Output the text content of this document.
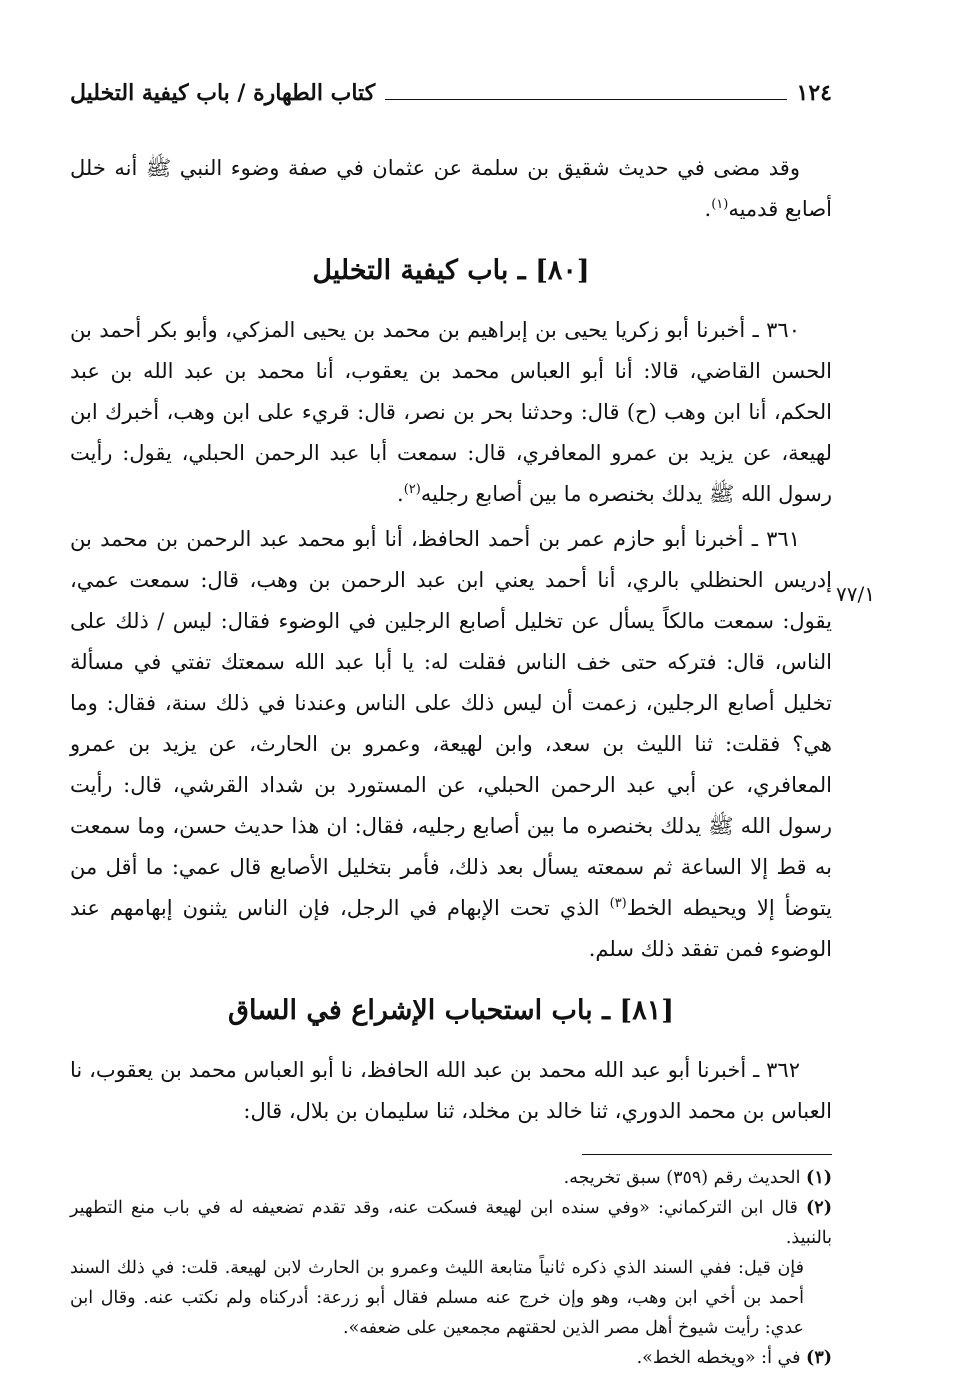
١٢٤
كتاب الطهارة / باب كيفية التخليل

وقد مضى في حديث شقيق بن سلمة عن عثمان في صفة وضوء النبي ﷺ أنه خلل أصابع قدميه$^{(١)}$.

[٨٠] ـ باب كيفية التخليل

٣٦٠ ـ أخبرنا أبو زكريا يحيى بن إبراهيم بن محمد بن يحيى المزكي، وأبو بكر أحمد بن الحسن القاضي، قالا: أنا أبو العباس محمد بن يعقوب، أنا محمد بن عبد الله بن عبد الحكم، أنا ابن وهب (ح) قال: وحدثنا بحر بن نصر، قال: قريء على ابن وهب، أخبرك ابن لهيعة، عن يزيد بن عمرو المعافري، قال: سمعت أبا عبد الرحمن الحبلي، يقول: رأيت رسول الله ﷺ يدلك بخنصره ما بين أصابع رجليه$^{(٢)}$.

٣٦١ ـ أخبرنا أبو حازم عمر بن أحمد الحافظ، أنا أبو محمد عبد الرحمن بن محمد بن إدريس الحنظلي بالري، أنا أحمد يعني ابن عبد الرحمن بن وهب، قال: سمعت عمي، يقول: سمعت مالكاً يسأل عن تخليل أصابع الرجلين في الوضوء فقال: ليس / ذلك على الناس، قال: فتركه حتى خف الناس فقلت له: يا أبا عبد الله سمعتك تفتي في مسألة تخليل أصابع الرجلين، زعمت أن ليس ذلك على الناس وعندنا في ذلك سنة، فقال: وما هي؟ فقلت: ثنا الليث بن سعد، وابن لهيعة، وعمرو بن الحارث، عن يزيد بن عمرو المعافري، عن أبي عبد الرحمن الحبلي، عن المستورد بن شداد القرشي، قال: رأيت رسول الله ﷺ يدلك بخنصره ما بين أصابع رجليه، فقال: ان هذا حديث حسن، وما سمعت به قط إلا الساعة ثم سمعته يسأل بعد ذلك، فأمر بتخليل الأصابع قال عمي: ما أقل من يتوضأ إلا ويحيطه الخط$^{(٣)}$ الذي تحت الإبهام في الرجل، فإن الناس يثنون إبهامهم عند الوضوء فمن تفقد ذلك سلم.

[٨١] ـ باب استحباب الإشراع في الساق

٣٦٢ ـ أخبرنا أبو عبد الله محمد بن عبد الله الحافظ، نا أبو العباس محمد بن يعقوب، نا العباس بن محمد الدوري، ثنا خالد بن مخلد، ثنا سليمان بن بلال، قال:

(١) الحديث رقم (٣٥٩) سبق تخريجه.

(٢) قال ابن التركماني: «وفي سنده ابن لهيعة فسكت عنه، وقد تقدم تضعيفه له في باب منع التطهير بالنبيذ.

فإن قيل: ففي السند الذي ذكره ثانياً متابعة الليث وعمرو بن الحارث لابن لهيعة. قلت: في ذلك السند أحمد بن أخي ابن وهب، وهو وإن خرج عنه مسلم فقال أبو زرعة: أدركناه ولم نكتب عنه. وقال ابن عدي: رأيت شيوخ أهل مصر الذين لحقتهم مجمعين على ضعفه».

(٣) في أ: «ويخطه الخط».

٧٧/١
